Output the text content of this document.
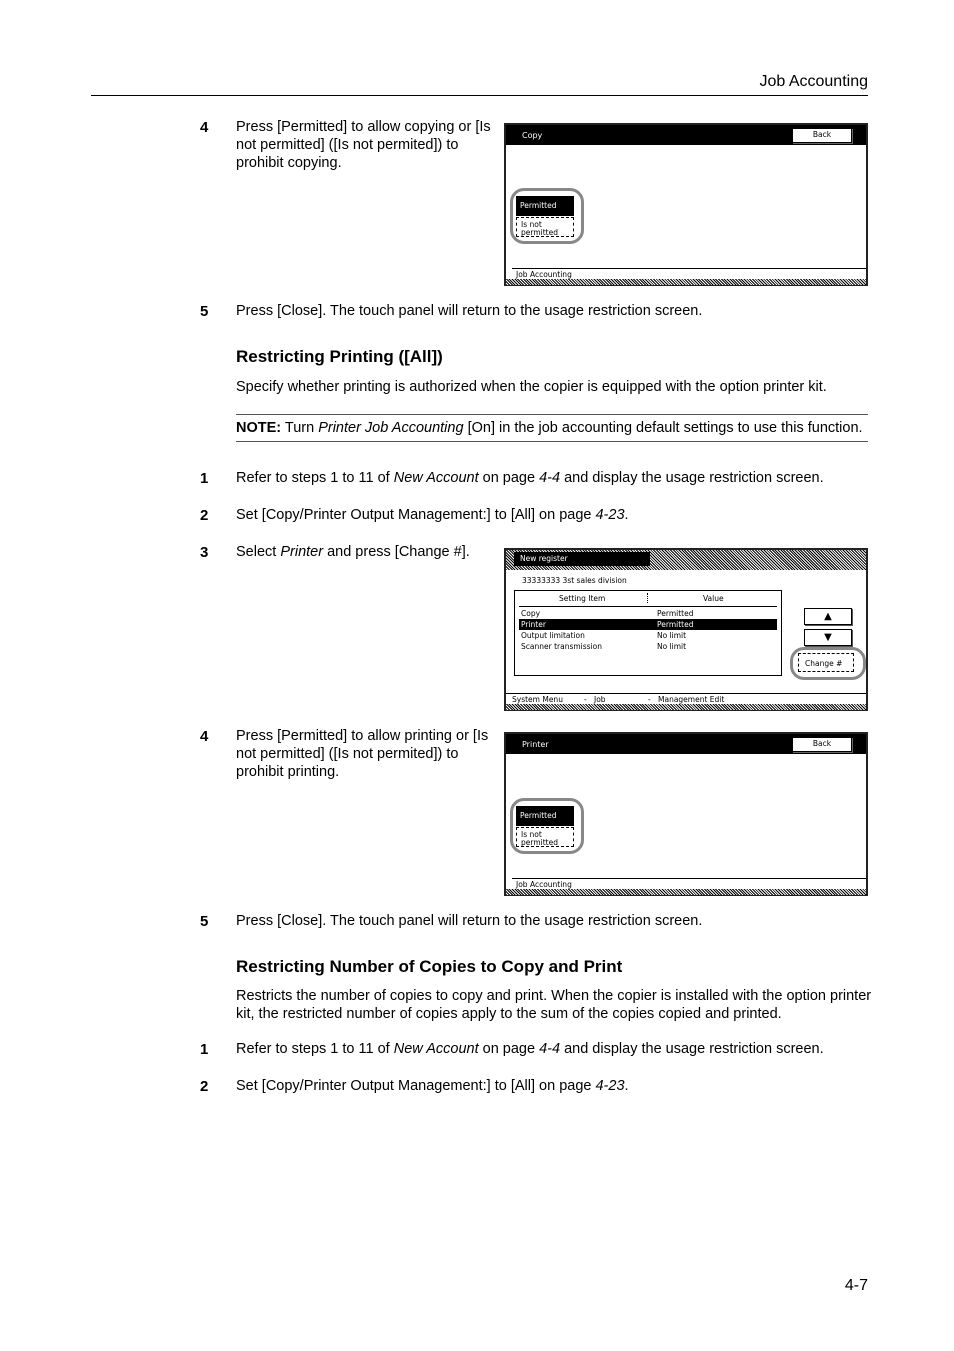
Job Accounting
4 Press [Permitted] to allow copying or [Is not permitted] ([Is not permited]) to prohibit copying.
Copy	Back
Permitted
Is not permitted
Job Accounting
5 Press [Close]. The touch panel will return to the usage restriction screen.
Restricting Printing ([All])
Specify whether printing is authorized when the copier is equipped with the option printer kit.
NOTE: Turn Printer Job Accounting [On] in the job accounting default settings to use this function.
1 Refer to steps 1 to 11 of New Account on page 4-4 and display the usage restriction screen.
2 Set [Copy/Printer Output Management:] to [All] on page 4-23.
3 Select Printer and press [Change #].	New register
33333333 3st sales division
Setting Item	Value
Copy	Permitted
Printer	Permitted
Output limitation	No limit
Scanner transmission	No limit
▲
▼
Change #
System Menu	- Job	- Management Edit
4 Press [Permitted] to allow printing or [Is not permitted] ([Is not permited]) to prohibit printing.
Printer	Back
Permitted
Is not permitted
Job Accounting
5 Press [Close]. The touch panel will return to the usage restriction screen.
Restricting Number of Copies to Copy and Print
Restricts the number of copies to copy and print. When the copier is installed with the option printer kit, the restricted number of copies apply to the sum of the copies copied and printed.
1 Refer to steps 1 to 11 of New Account on page 4-4 and display the usage restriction screen.
2 Set [Copy/Printer Output Management:] to [All] on page 4-23.
4-7
